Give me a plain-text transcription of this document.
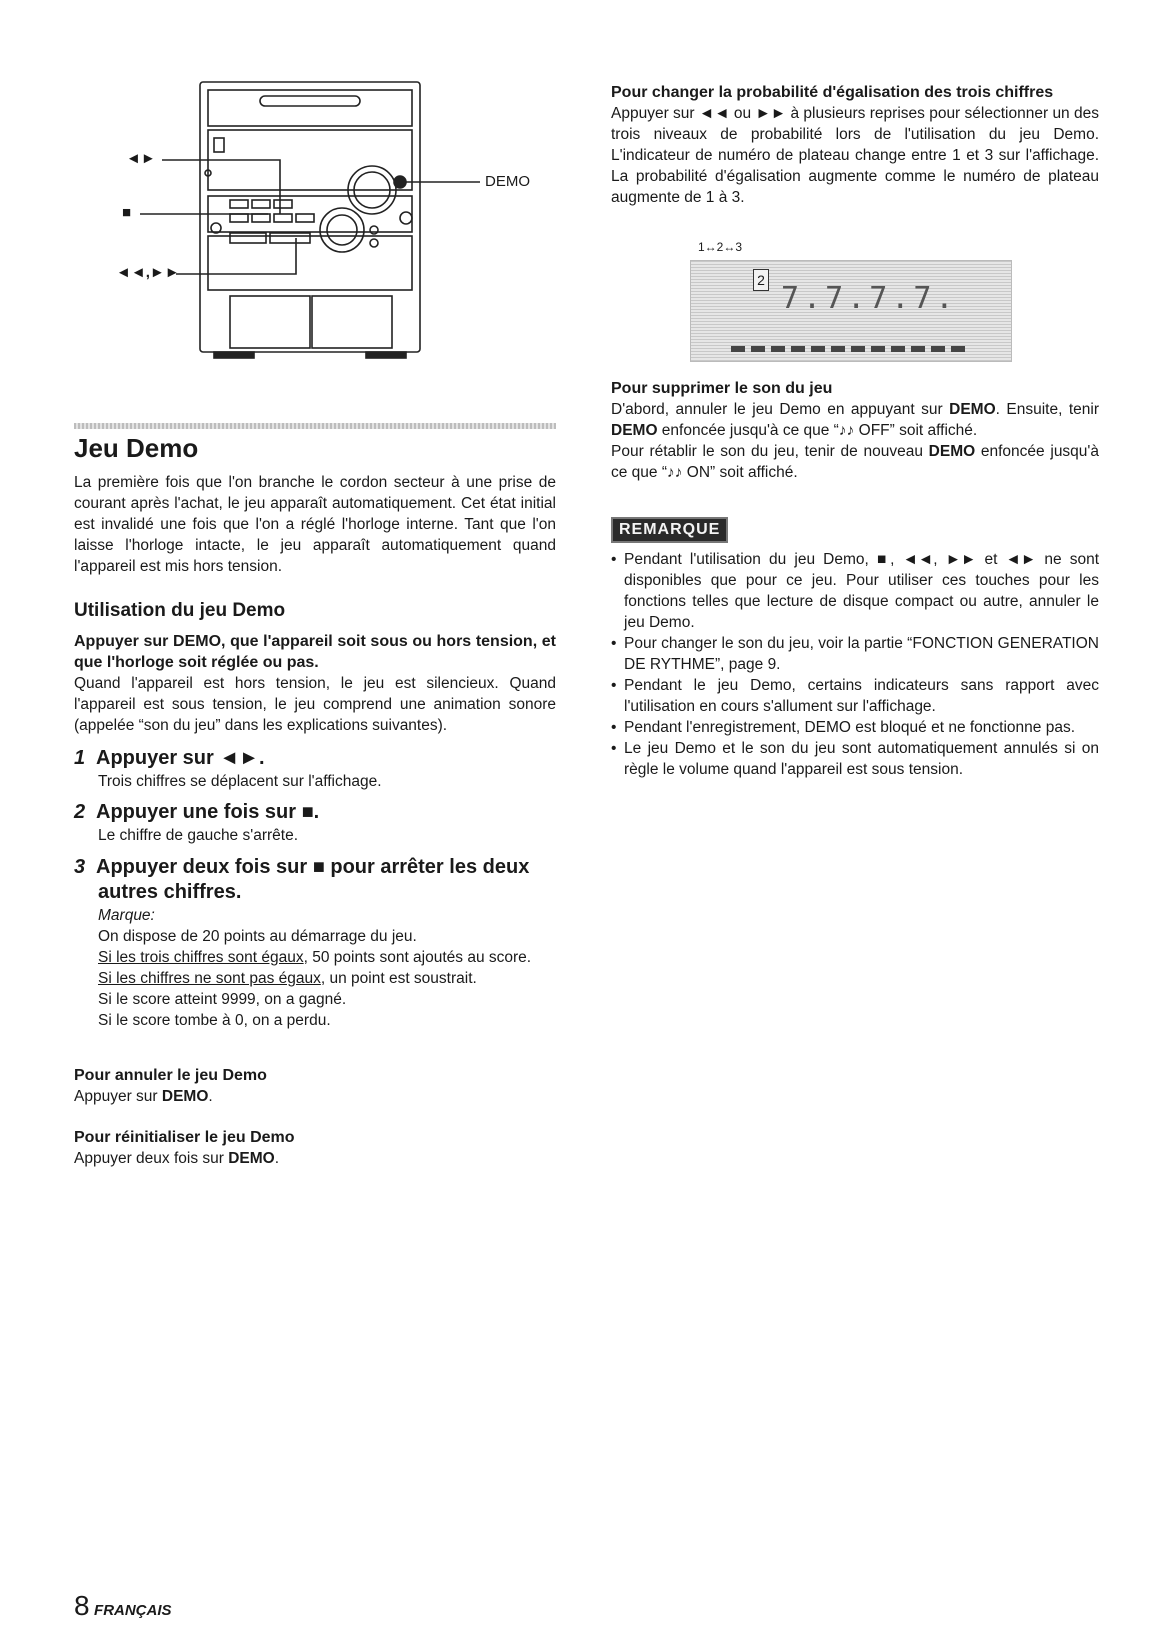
◄►
■
◄◄,►►
DEMO
Jeu Demo

La première fois que l'on branche le cordon secteur à une prise de courant après l'achat, le jeu apparaît automatiquement. Cet état initial est invalidé une fois que l'on a réglé l'horloge interne. Tant que l'on laisse l'horloge intacte, le jeu apparaît automatiquement quand l'appareil est mis hors tension.

Utilisation du jeu Demo

Appuyer sur DEMO, que l'appareil soit sous ou hors tension, et que l'horloge soit réglée ou pas.

Quand l'appareil est hors tension, le jeu est silencieux. Quand l'appareil est sous tension, le jeu comprend une animation sonore (appelée “son du jeu” dans les explications suivantes).

1 Appuyer sur ◄►.

Trois chiffres se déplacent sur l'affichage.

2 Appuyer une fois sur ■.

Le chiffre de gauche s'arrête.

3 Appuyer deux fois sur ■ pour arrêter les deux
autres chiffres.
Marque:
On dispose de 20 points au démarrage du jeu.
Si les trois chiffres sont égaux, 50 points sont ajoutés au score.
Si les chiffres ne sont pas égaux, un point est soustrait.
Si le score atteint 9999, on a gagné.
Si le score tombe à 0, on a perdu.
Pour annuler le jeu Demo
Appuyer sur DEMO.
Pour réinitialiser le jeu Demo
Appuyer deux fois sur DEMO.

Pour changer la probabilité d'égalisation des trois chiffres

Appuyer sur ◄◄ ou ►► à plusieurs reprises pour sélectionner un des trois niveaux de probabilité lors de l'utilisation du jeu Demo. L'indicateur de numéro de plateau change entre 1 et 3 sur l'affichage. La probabilité d'égalisation augmente comme le numéro de plateau augmente de 1 à 3.

1↔2↔3
2
7.7.7.7.
Pour supprimer le son du jeu

D'abord, annuler le jeu Demo en appuyant sur DEMO. Ensuite, tenir DEMO enfoncée jusqu'à ce que “♪♪ OFF” soit affiché.

Pour rétablir le son du jeu, tenir de nouveau DEMO enfoncée jusqu'à ce que “♪♪ ON” soit affiché.

REMARQUE
• Pendant l'utilisation du jeu Demo, ■, ◄◄, ►► et ◄► ne sont disponibles que pour ce jeu. Pour utiliser ces touches pour les fonctions telles que lecture de disque compact ou autre, annuler le jeu Demo.
• Pour changer le son du jeu, voir la partie “FONCTION GENERATION DE RYTHME”, page 9.
• Pendant le jeu Demo, certains indicateurs sans rapport avec l'utilisation en cours s'allument sur l'affichage.
• Pendant l'enregistrement, DEMO est bloqué et ne fonctionne pas.
• Le jeu Demo et le son du jeu sont automatiquement annulés si on règle le volume quand l'appareil est sous tension.
8 FRANÇAIS
